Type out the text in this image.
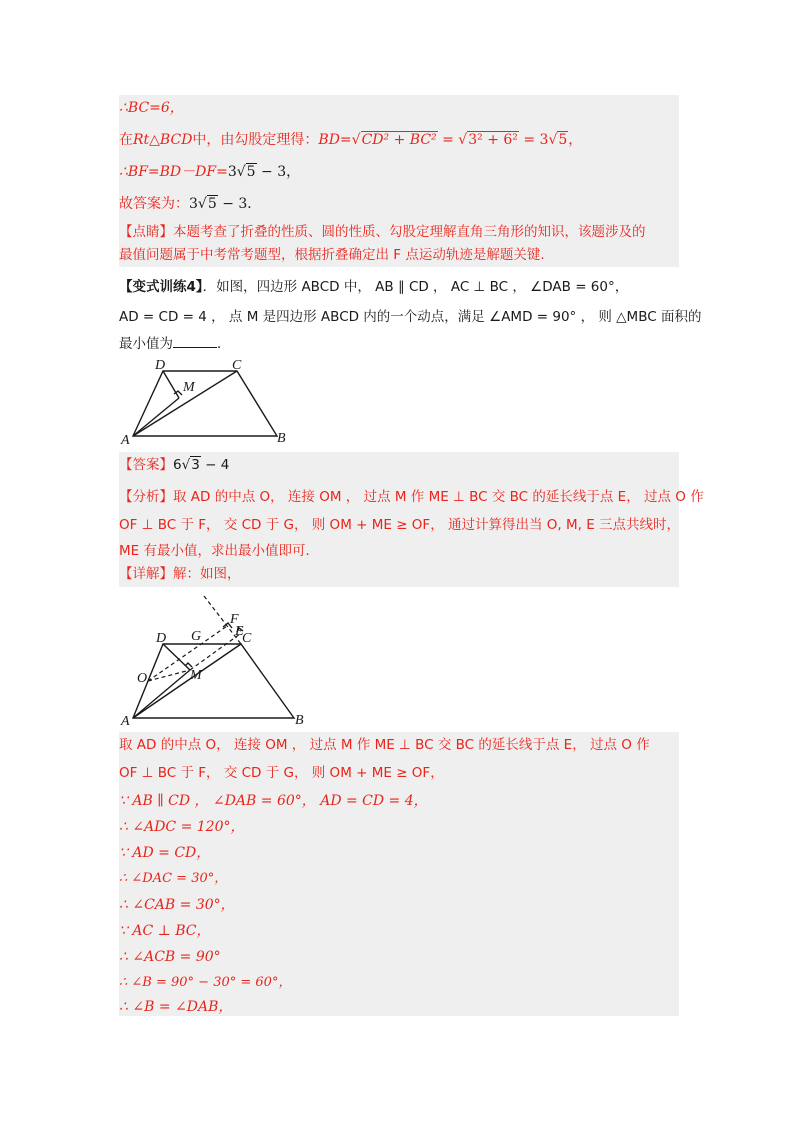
∴BC=6，
在Rt△BCD中，由勾股定理得：BD=√CD² + BC² = √3² + 6² = 3√5，
∴BF=BD－DF=3√5 − 3，
故答案为：3√5 − 3．
【点睛】本题考查了折叠的性质、圆的性质、勾股定理解直角三角形的知识，该题涉及的
最值问题属于中考常考题型，根据折叠确定出 F 点运动轨迹是解题关键.
【变式训练4】．如图，四边形 ABCD 中， AB ∥ CD ， AC ⊥ BC ， ∠DAB = 60°，
AD = CD = 4 ， 点 M 是四边形 ABCD 内的一个动点，满足 ∠AMD = 90° ， 则 △MBC 面积的
最小值为	．
D	C
M
A	B
【答案】6√3 − 4
【分析】取 AD 的中点 O， 连接 OM ， 过点 M 作 ME ⊥ BC 交 BC 的延长线于点 E， 过点 O 作
OF ⊥ BC 于 F， 交 CD 于 G， 则 OM + ME ≥ OF， 通过计算得出当 O, M, E 三点共线时，
ME 有最小值，求出最小值即可．
【详解】解：如图，
F
E
D G	C
O	M
A	B
取 AD 的中点 O， 连接 OM ， 过点 M 作 ME ⊥ BC 交 BC 的延长线于点 E， 过点 O 作
OF ⊥ BC 于 F， 交 CD 于 G， 则 OM + ME ≥ OF，
∵ AB ∥ CD ， ∠DAB = 60°， AD = CD = 4，
∴ ∠ADC = 120°，
∵ AD = CD，
∴ ∠DAC = 30°，
∴ ∠CAB = 30°，
∵ AC ⊥ BC，
∴ ∠ACB = 90°
∴ ∠B = 90° − 30° = 60°，
∴ ∠B = ∠DAB，
